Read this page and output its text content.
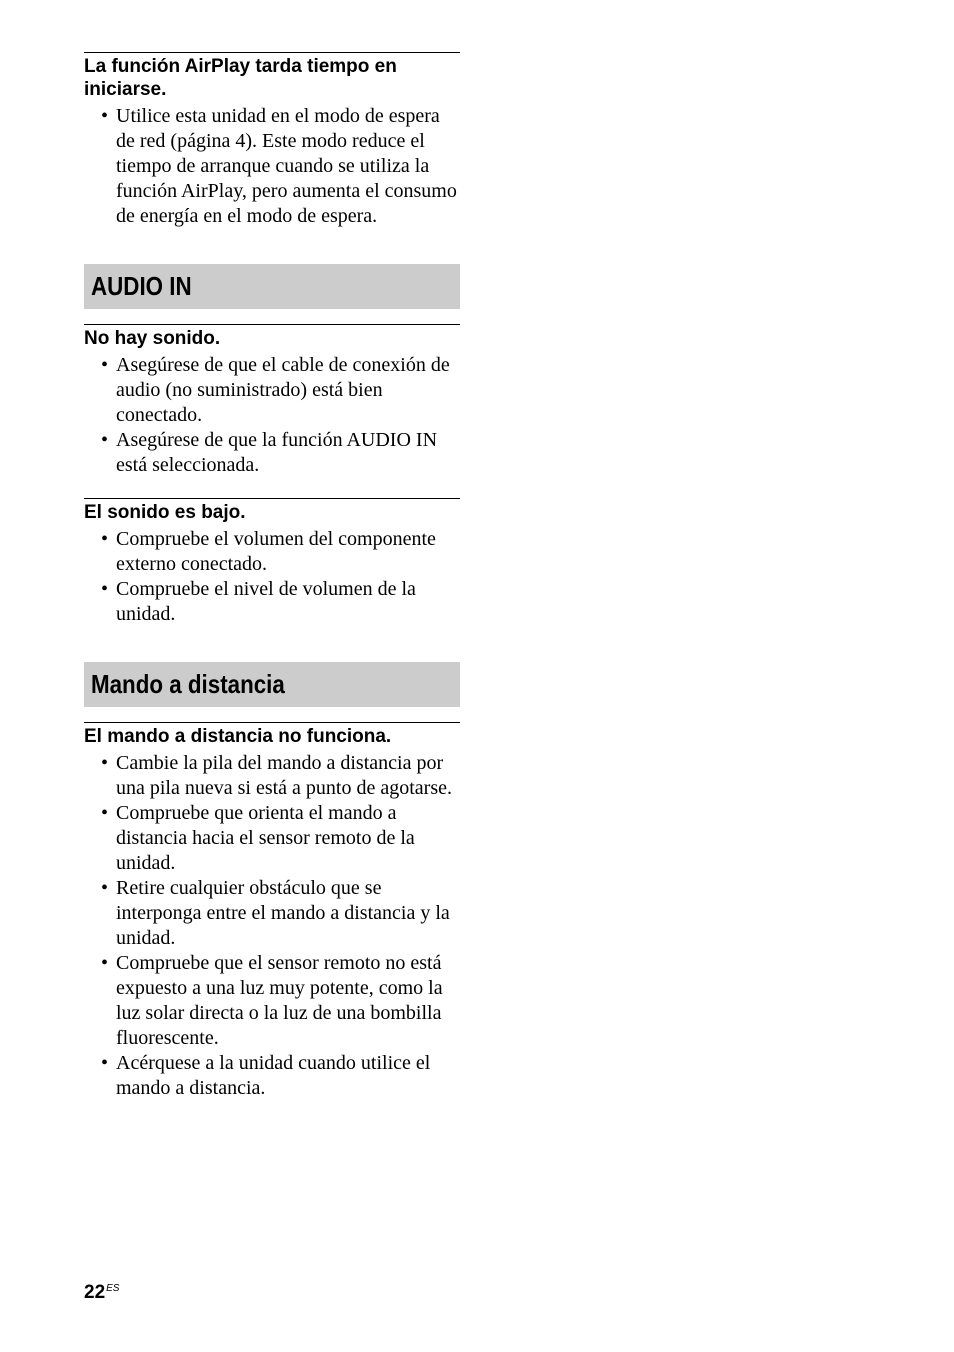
La función AirPlay tarda tiempo en iniciarse.
• Utilice esta unidad en el modo de espera de red (página 4). Este modo reduce el tiempo de arranque cuando se utiliza la función AirPlay, pero aumenta el consumo de energía en el modo de espera.
AUDIO IN
No hay sonido.
• Asegúrese de que el cable de conexión de audio (no suministrado) está bien conectado.
• Asegúrese de que la función AUDIO IN está seleccionada.
El sonido es bajo.
• Compruebe el volumen del componente externo conectado.
• Compruebe el nivel de volumen de la unidad.
Mando a distancia
El mando a distancia no funciona.
• Cambie la pila del mando a distancia por una pila nueva si está a punto de agotarse.
• Compruebe que orienta el mando a distancia hacia el sensor remoto de la unidad.
• Retire cualquier obstáculo que se interponga entre el mando a distancia y la unidad.
• Compruebe que el sensor remoto no está expuesto a una luz muy potente, como la luz solar directa o la luz de una bombilla fluorescente.
• Acérquese a la unidad cuando utilice el mando a distancia.
$22^{ES}$
